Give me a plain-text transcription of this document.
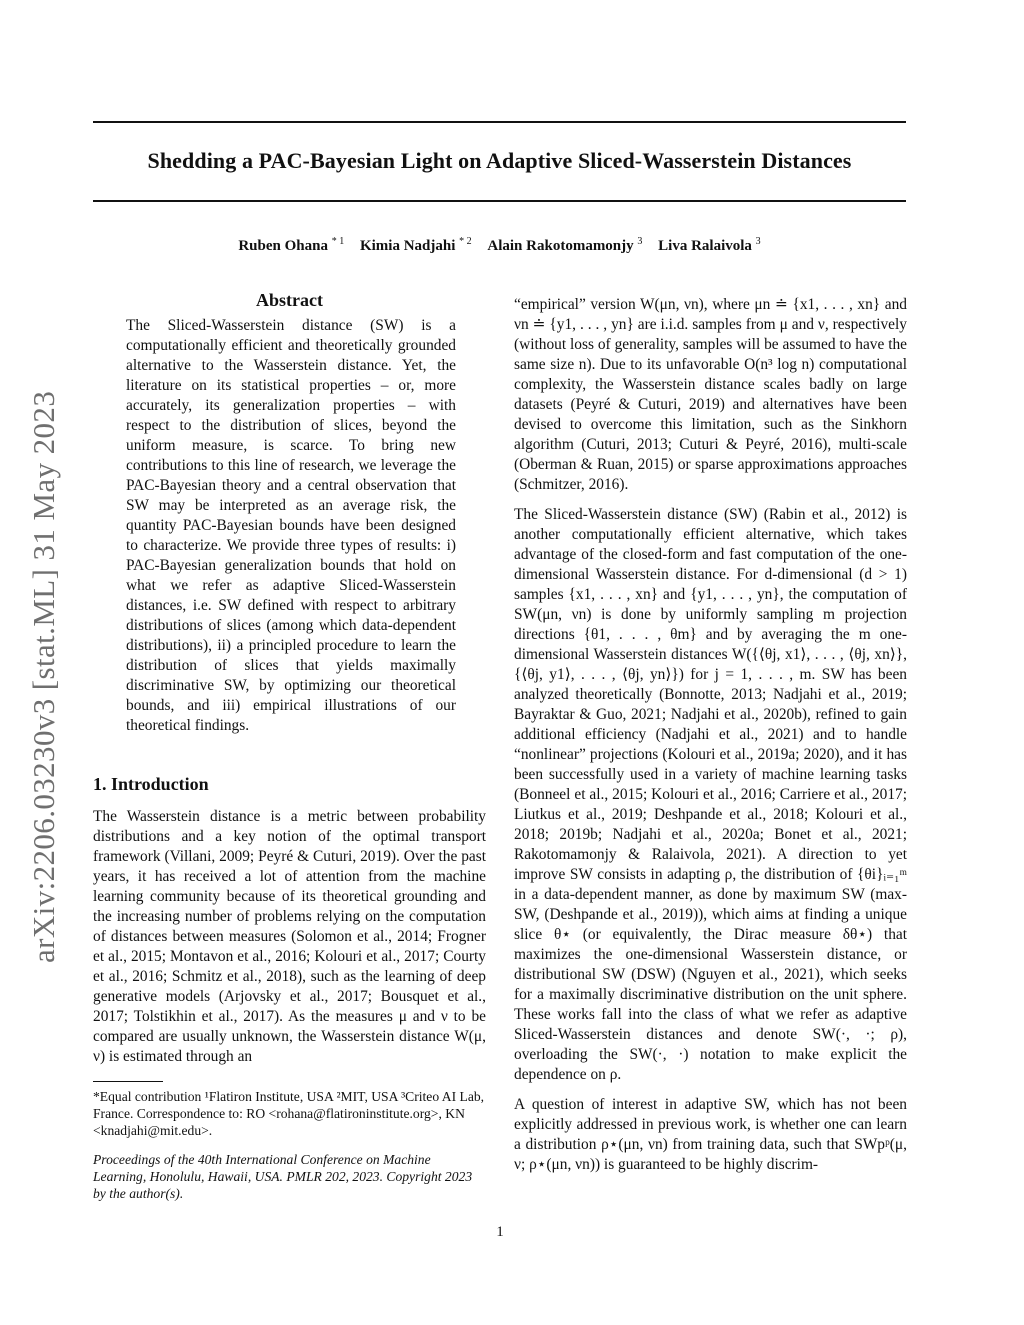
Shedding a PAC-Bayesian Light on Adaptive Sliced-Wasserstein Distances
Ruben Ohana $^{* 1}$ Kimia Nadjahi $^{* 2}$ Alain Rakotomamonjy $^3$ Liva Ralaivola $^3$
arXiv:2206.03230v3 [stat.ML] 31 May 2023
Abstract
The Sliced-Wasserstein distance (SW) is a computationally efficient and theoretically grounded alternative to the Wasserstein distance. Yet, the literature on its statistical properties – or, more accurately, its generalization properties – with respect to the distribution of slices, beyond the uniform measure, is scarce. To bring new contributions to this line of research, we leverage the PAC-Bayesian theory and a central observation that SW may be interpreted as an average risk, the quantity PAC-Bayesian bounds have been designed to characterize. We provide three types of results: i) PAC-Bayesian generalization bounds that hold on what we refer as adaptive Sliced-Wasserstein distances, i.e. SW defined with respect to arbitrary distributions of slices (among which data-dependent distributions), ii) a principled procedure to learn the distribution of slices that yields maximally discriminative SW, by optimizing our theoretical bounds, and iii) empirical illustrations of our theoretical findings.
1. Introduction

The Wasserstein distance is a metric between probability distributions and a key notion of the optimal transport framework (Villani, 2009; Peyré & Cuturi, 2019). Over the past years, it has received a lot of attention from the machine learning community because of its theoretical grounding and the increasing number of problems relying on the computation of distances between measures (Solomon et al., 2014; Frogner et al., 2015; Montavon et al., 2016; Kolouri et al., 2017; Courty et al., 2016; Schmitz et al., 2018), such as the learning of deep generative models (Arjovsky et al., 2017; Bousquet et al., 2017; Tolstikhin et al., 2017). As the measures μ and ν to be compared are usually unknown, the Wasserstein distance W(μ, ν) is estimated through an

*Equal contribution ¹Flatiron Institute, USA ²MIT, USA ³Criteo AI Lab, France. Correspondence to: RO <rohana@flatironinstitute.org>, KN <knadjahi@mit.edu>.
Proceedings of the 40th International Conference on Machine Learning, Honolulu, Hawaii, USA. PMLR 202, 2023. Copyright 2023 by the author(s).

“empirical” version W(μn, νn), where μn ≐ {x1, . . . , xn} and νn ≐ {y1, . . . , yn} are i.i.d. samples from μ and ν, respectively (without loss of generality, samples will be assumed to have the same size n). Due to its unfavorable O(n³ log n) computational complexity, the Wasserstein distance scales badly on large datasets (Peyré & Cuturi, 2019) and alternatives have been devised to overcome this limitation, such as the Sinkhorn algorithm (Cuturi, 2013; Cuturi & Peyré, 2016), multi-scale (Oberman & Ruan, 2015) or sparse approximations approaches (Schmitzer, 2016).

The Sliced-Wasserstein distance (SW) (Rabin et al., 2012) is another computationally efficient alternative, which takes advantage of the closed-form and fast computation of the one-dimensional Wasserstein distance. For d-dimensional (d > 1) samples {x1, . . . , xn} and {y1, . . . , yn}, the computation of SW(μn, νn) is done by uniformly sampling m projection directions {θ1, . . . , θm} and by averaging the m one-dimensional Wasserstein distances W({⟨θj, x1⟩, . . . , ⟨θj, xn⟩}, {⟨θj, y1⟩, . . . , ⟨θj, yn⟩}) for j = 1, . . . , m. SW has been analyzed theoretically (Bonnotte, 2013; Nadjahi et al., 2019; Bayraktar & Guo, 2021; Nadjahi et al., 2020b), refined to gain additional efficiency (Nadjahi et al., 2021) and to handle “nonlinear” projections (Kolouri et al., 2019a; 2020), and it has been successfully used in a variety of machine learning tasks (Bonneel et al., 2015; Kolouri et al., 2016; Carriere et al., 2017; Liutkus et al., 2019; Deshpande et al., 2018; Kolouri et al., 2018; 2019b; Nadjahi et al., 2020a; Bonet et al., 2021; Rakotomamonjy & Ralaivola, 2021). A direction to yet improve SW consists in adapting ρ, the distribution of {θi}ᵢ₌₁ᵐ in a data-dependent manner, as done by maximum SW (max-SW, (Deshpande et al., 2019)), which aims at finding a unique slice θ⋆ (or equivalently, the Dirac measure δθ⋆) that maximizes the one-dimensional Wasserstein distance, or distributional SW (DSW) (Nguyen et al., 2021), which seeks for a maximally discriminative distribution on the unit sphere. These works fall into the class of what we refer as adaptive Sliced-Wasserstein distances and denote SW(·, ·; ρ), overloading the SW(·, ·) notation to make explicit the dependence on ρ.

A question of interest in adaptive SW, which has not been explicitly addressed in previous work, is whether one can learn a distribution ρ⋆(μn, νn) from training data, such that SWpᵖ(μ, ν; ρ⋆(μn, νn)) is guaranteed to be highly discrim-

1
